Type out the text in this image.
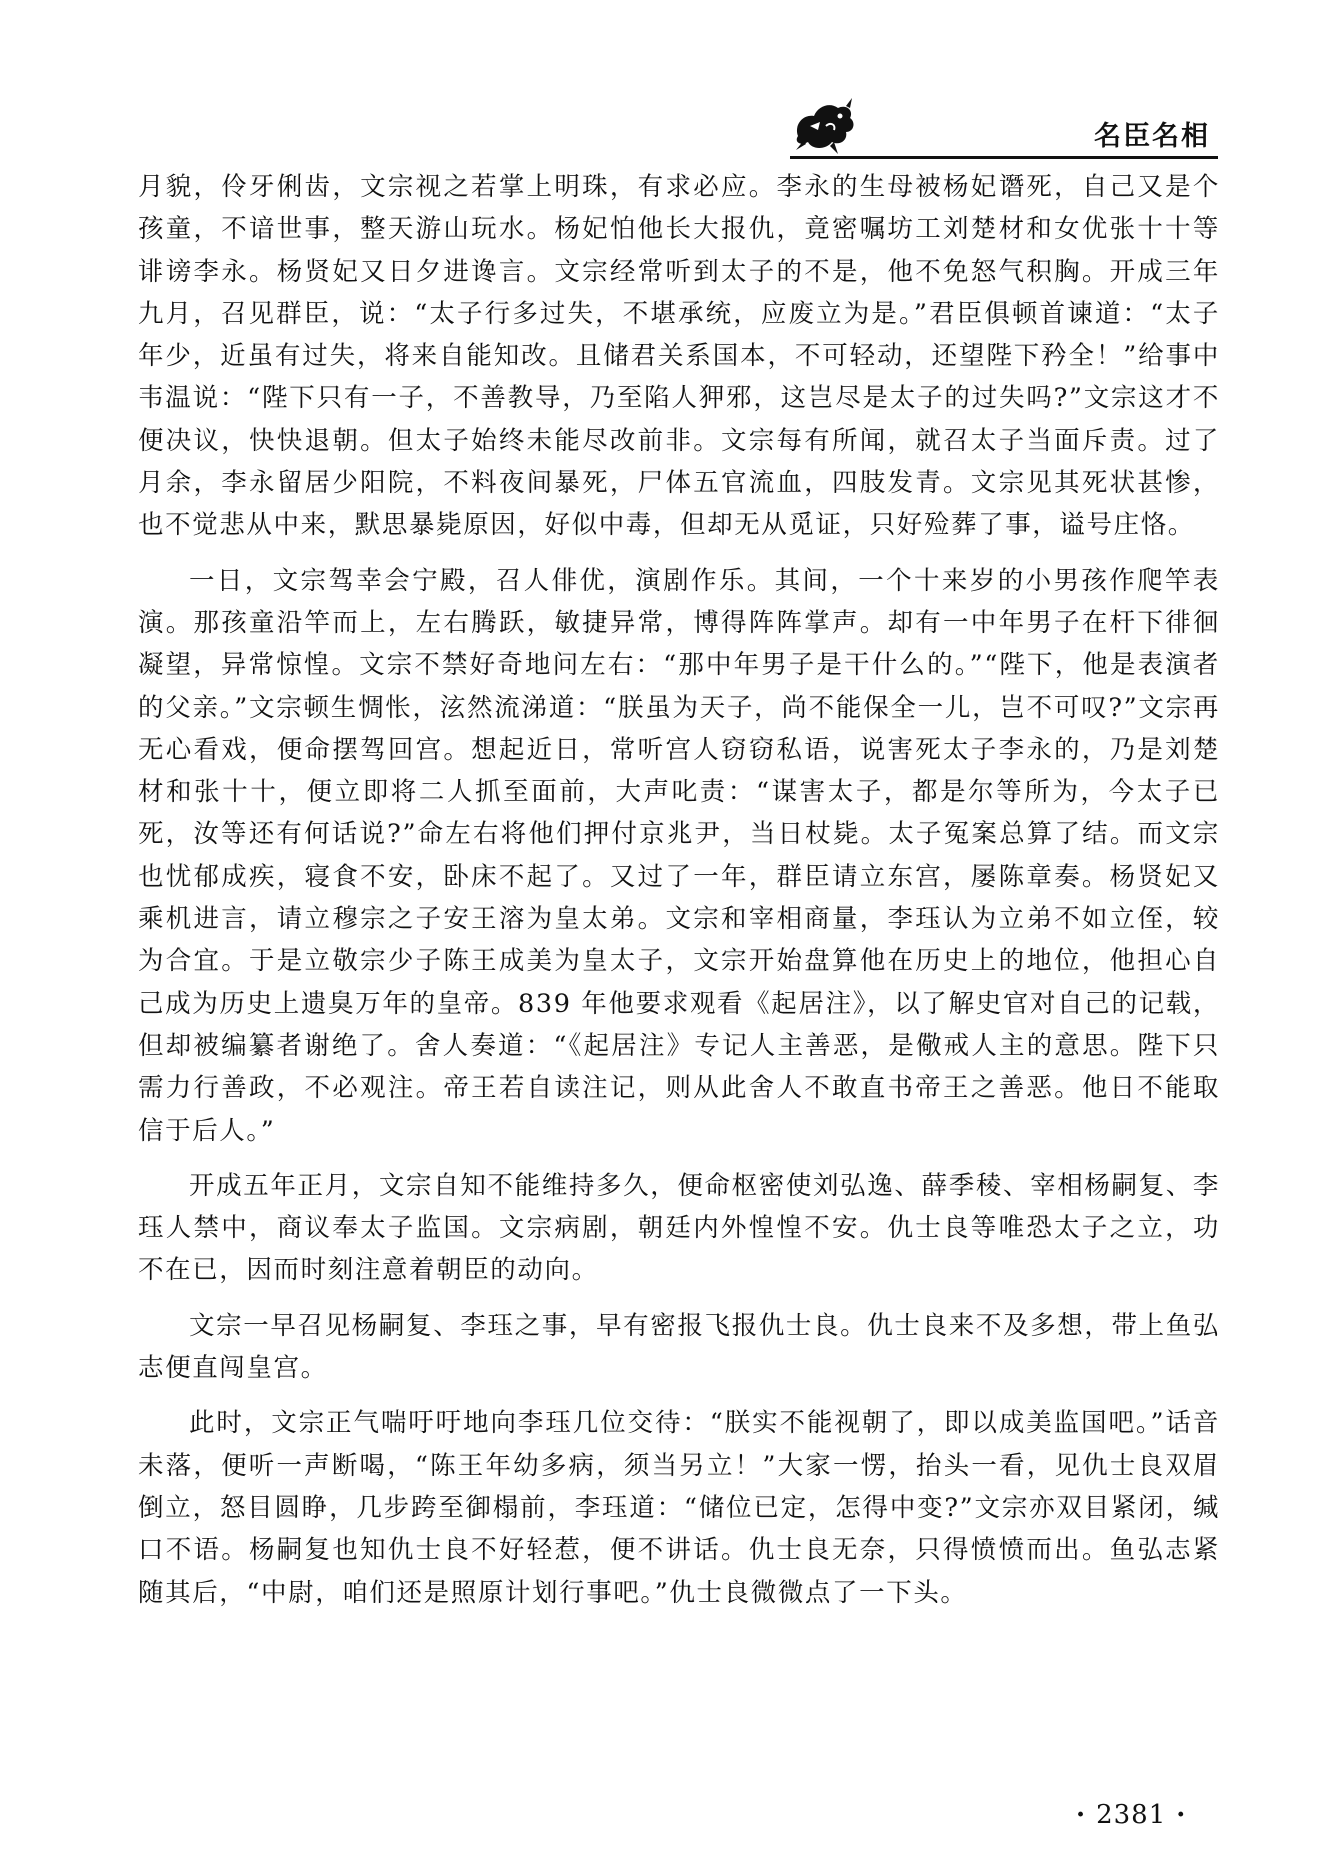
名臣名相

月貌，伶牙俐齿，文宗视之若掌上明珠，有求必应。李永的生母被杨妃谮死，自己又是个孩童，不谙世事，整天游山玩水。杨妃怕他长大报仇，竟密嘱坊工刘楚材和女优张十十等诽谤李永。杨贤妃又日夕进谗言。文宗经常听到太子的不是，他不免怒气积胸。开成三年九月，召见群臣，说：“太子行多过失，不堪承统，应废立为是。”君臣俱顿首谏道：“太子年少，近虽有过失，将来自能知改。且储君关系国本，不可轻动，还望陛下矜全！”给事中韦温说：“陛下只有一子，不善教导，乃至陷人狎邪，这岂尽是太子的过失吗?”文宗这才不便决议，快快退朝。但太子始终未能尽改前非。文宗每有所闻，就召太子当面斥责。过了月余，李永留居少阳院，不料夜间暴死，尸体五官流血，四肢发青。文宗见其死状甚惨，也不觉悲从中来，默思暴毙原因，好似中毒，但却无从觅证，只好殓葬了事，谥号庄恪。

一日，文宗驾幸会宁殿，召人俳优，演剧作乐。其间，一个十来岁的小男孩作爬竿表演。那孩童沿竿而上，左右腾跃，敏捷异常，博得阵阵掌声。却有一中年男子在杆下徘徊凝望，异常惊惶。文宗不禁好奇地问左右：“那中年男子是干什么的。”“陛下，他是表演者的父亲。”文宗顿生惆怅，泫然流涕道：“朕虽为天子，尚不能保全一儿，岂不可叹?”文宗再无心看戏，便命摆驾回宫。想起近日，常听宫人窃窃私语，说害死太子李永的，乃是刘楚材和张十十，便立即将二人抓至面前，大声叱责：“谋害太子，都是尔等所为，今太子已死，汝等还有何话说?”命左右将他们押付京兆尹，当日杖毙。太子冤案总算了结。而文宗也忧郁成疾，寝食不安，卧床不起了。又过了一年，群臣请立东宫，屡陈章奏。杨贤妃又乘机进言，请立穆宗之子安王溶为皇太弟。文宗和宰相商量，李珏认为立弟不如立侄，较为合宜。于是立敬宗少子陈王成美为皇太子，文宗开始盘算他在历史上的地位，他担心自己成为历史上遗臭万年的皇帝。839 年他要求观看《起居注》，以了解史官对自己的记载，但却被编纂者谢绝了。舍人奏道：“《起居注》专记人主善恶，是儆戒人主的意思。陛下只需力行善政，不必观注。帝王若自读注记，则从此舍人不敢直书帝王之善恶。他日不能取信于后人。”

开成五年正月，文宗自知不能维持多久，便命枢密使刘弘逸、薛季稜、宰相杨嗣复、李珏人禁中，商议奉太子监国。文宗病剧，朝廷内外惶惶不安。仇士良等唯恐太子之立，功不在已，因而时刻注意着朝臣的动向。

文宗一早召见杨嗣复、李珏之事，早有密报飞报仇士良。仇士良来不及多想，带上鱼弘志便直闯皇宫。

此时，文宗正气喘吁吁地向李珏几位交待：“朕实不能视朝了，即以成美监国吧。”话音未落，便听一声断喝，“陈王年幼多病，须当另立！”大家一愣，抬头一看，见仇士良双眉倒立，怒目圆睁，几步跨至御榻前，李珏道：“储位已定，怎得中变?”文宗亦双目紧闭，缄口不语。杨嗣复也知仇士良不好轻惹，便不讲话。仇士良无奈，只得愤愤而出。鱼弘志紧随其后，“中尉，咱们还是照原计划行事吧。”仇士良微微点了一下头。

· 2381 ·
